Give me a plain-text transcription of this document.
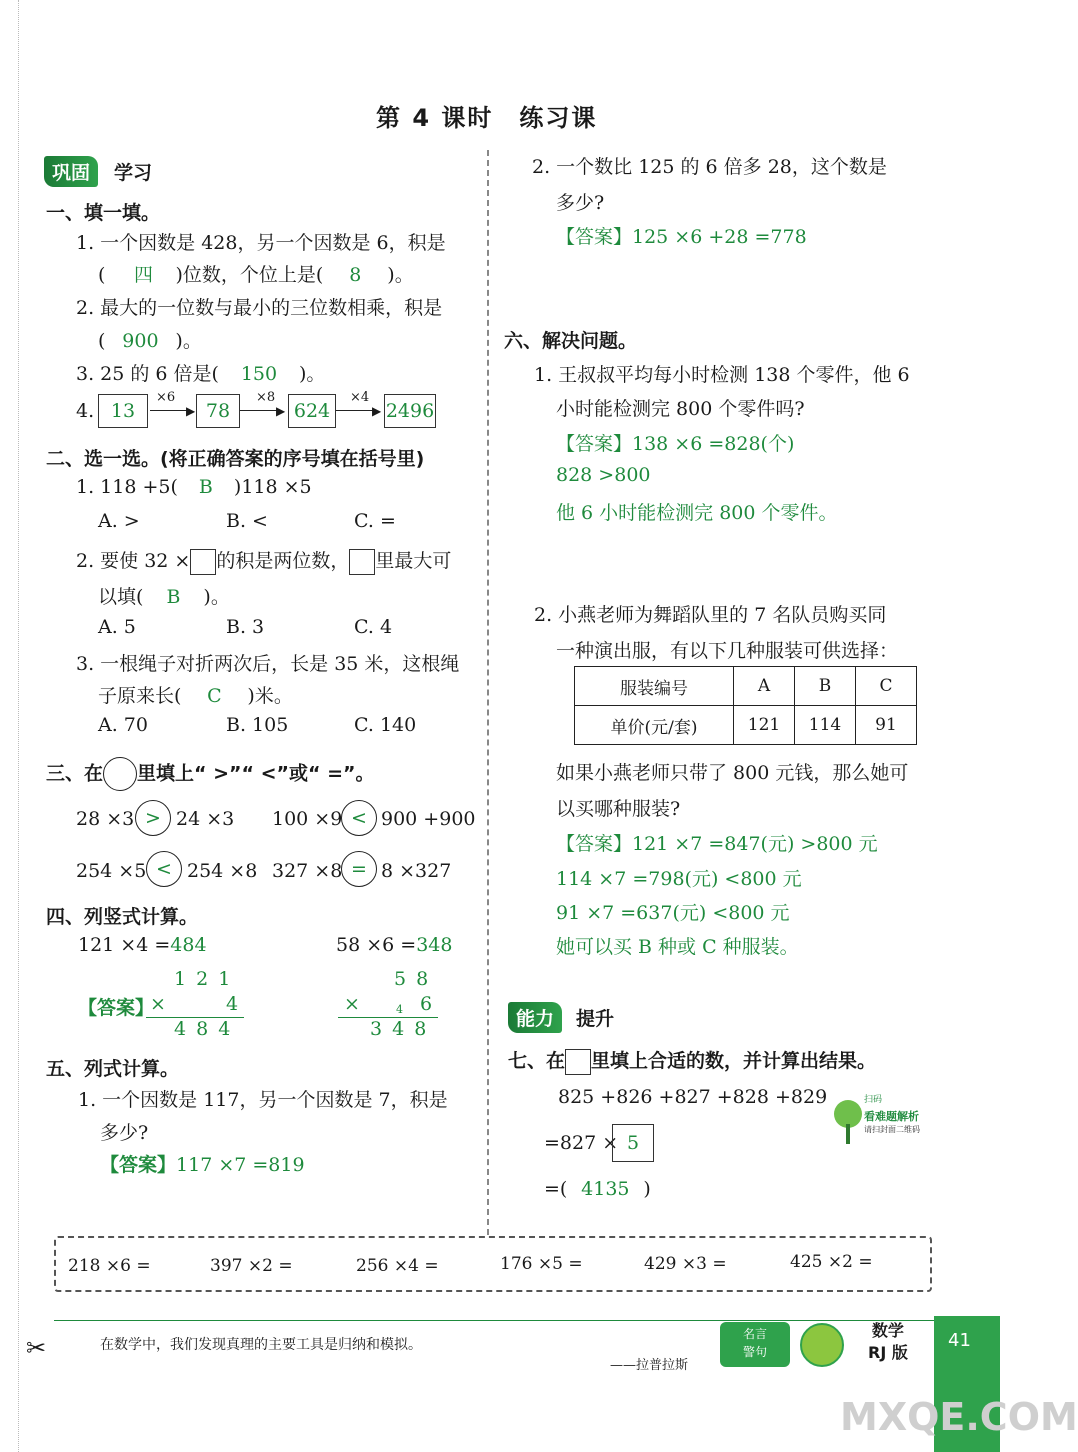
第 4 课时　练习课
巩固	学习
一、填一填。
1. 一个因数是 428，另一个因数是 6，积是
( 四 )位数，个位上是( 8 )。
2. 最大的一位数与最小的三位数相乘，积是
( 900 )。
3. 25 的 6 倍是( 150 )。
4. 13
×6
▶ 78
×8
▶ 624
×4
▶ 2496
二、选一选。(将正确答案的序号填在括号里)
1. 118 +5( B )118 ×5
A. >	B. <	C. =
2. 要使 32 × 的积是两位数， 里最大可
以填( B )。
A. 5	B. 3	C. 4
3. 一根绳子对折两次后，长是 35 米，这根绳
子原来长( C )米。
A. 70	B. 105	C. 140
三、在 里填上“ >”“ <”或“ =”。
28 ×3 > 24 ×3 100 ×9 < 900 +900
254 ×5 < 254 ×8 327 ×8 = 8 ×327
四、列竖式计算。
121 ×4 =484	58 ×6 =348
1 2 1
【答案】
×	4
4 8 4
5 8
×	4 6
3 4 8
五、列式计算。
1. 一个因数是 117，另一个因数是 7，积是
多少?
【答案】117 ×7 =819
2. 一个数比 125 的 6 倍多 28，这个数是
多少?
【答案】125 ×6 +28 =778
六、解决问题。
1. 王叔叔平均每小时检测 138 个零件，他 6
小时能检测完 800 个零件吗?
【答案】138 ×6 =828(个)
828 >800
他 6 小时能检测完 800 个零件。
2. 小燕老师为舞蹈队里的 7 名队员购买同
一种演出服，有以下几种服装可供选择：
服装编号	A	B	C
单价(元/套)	121	114	91
如果小燕老师只带了 800 元钱，那么她可
以买哪种服装?
【答案】121 ×7 =847(元) >800 元
114 ×7 =798(元) <800 元
91 ×7 =637(元) <800 元
她可以买 B 种或 C 种服装。
能力	提升
七、在 里填上合适的数，并计算出结果。
825 +826 +827 +828 +829
=827 × 5
=( 4135 )
扫码
看难题解析
请扫封面二维码
218 ×6 =	397 ×2 =	256 ×4 =	176 ×5 =	429 ×3 =	425 ×2 =
✂	在数学中，我们发现真理的主要工具是归纳和模拟。
——拉普拉斯
名言
警句
数学
RJ 版
41
MXQE.COM
